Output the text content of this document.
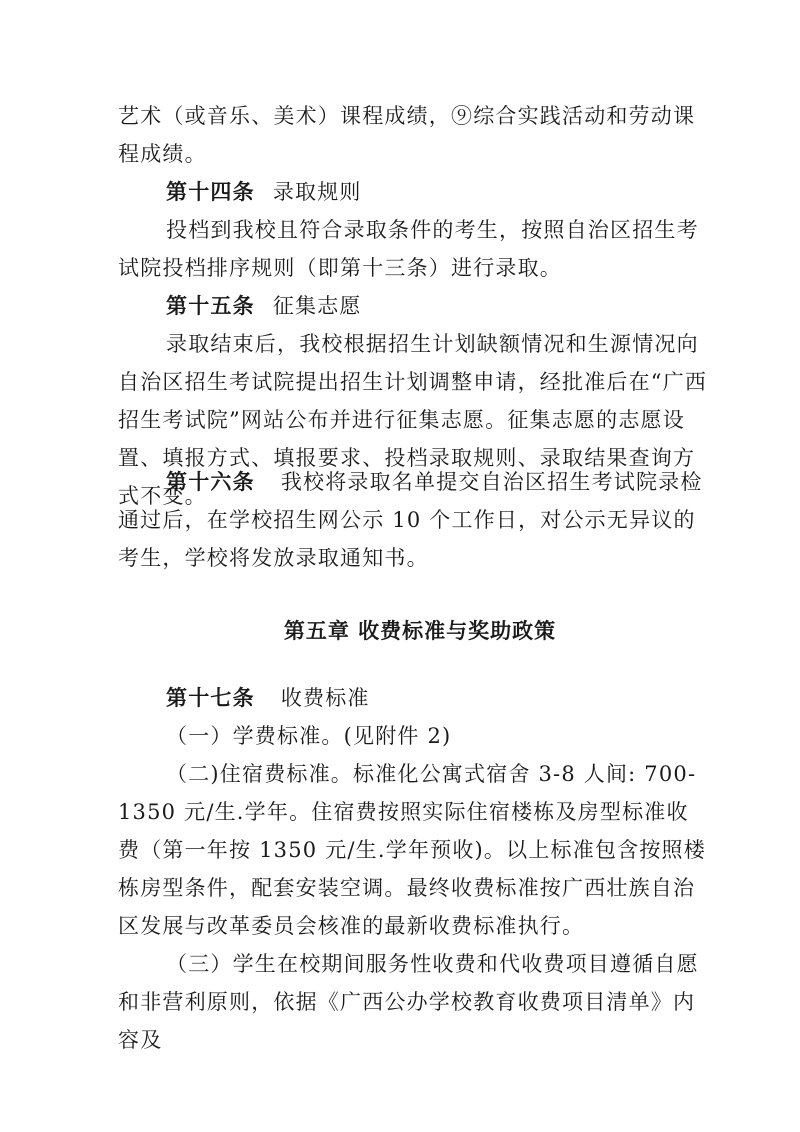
艺术（或音乐、美术）课程成绩，⑨综合实践活动和劳动课程成绩。

第十四条 录取规则

投档到我校且符合录取条件的考生，按照自治区招生考试院投档排序规则（即第十三条）进行录取。

第十五条 征集志愿

录取结束后，我校根据招生计划缺额情况和生源情况向自治区招生考试院提出招生计划调整申请，经批准后在“广西招生考试院”网站公布并进行征集志愿。征集志愿的志愿设置、填报方式、填报要求、投档录取规则、录取结果查询方式不变。

第十六条 我校将录取名单提交自治区招生考试院录检通过后，在学校招生网公示 10 个工作日，对公示无异议的考生，学校将发放录取通知书。

第五章 收费标准与奖助政策

第十七条 收费标准

（一）学费标准。(见附件 2)

（二)住宿费标准。标准化公寓式宿舍 3-8 人间: 700-1350 元/生.学年。住宿费按照实际住宿楼栋及房型标准收费（第一年按 1350 元/生.学年预收)。以上标准包含按照楼栋房型条件，配套安装空调。最终收费标准按广西壮族自治区发展与改革委员会核准的最新收费标准执行。

（三）学生在校期间服务性收费和代收费项目遵循自愿和非营利原则，依据《广西公办学校教育收费项目清单》内容及
